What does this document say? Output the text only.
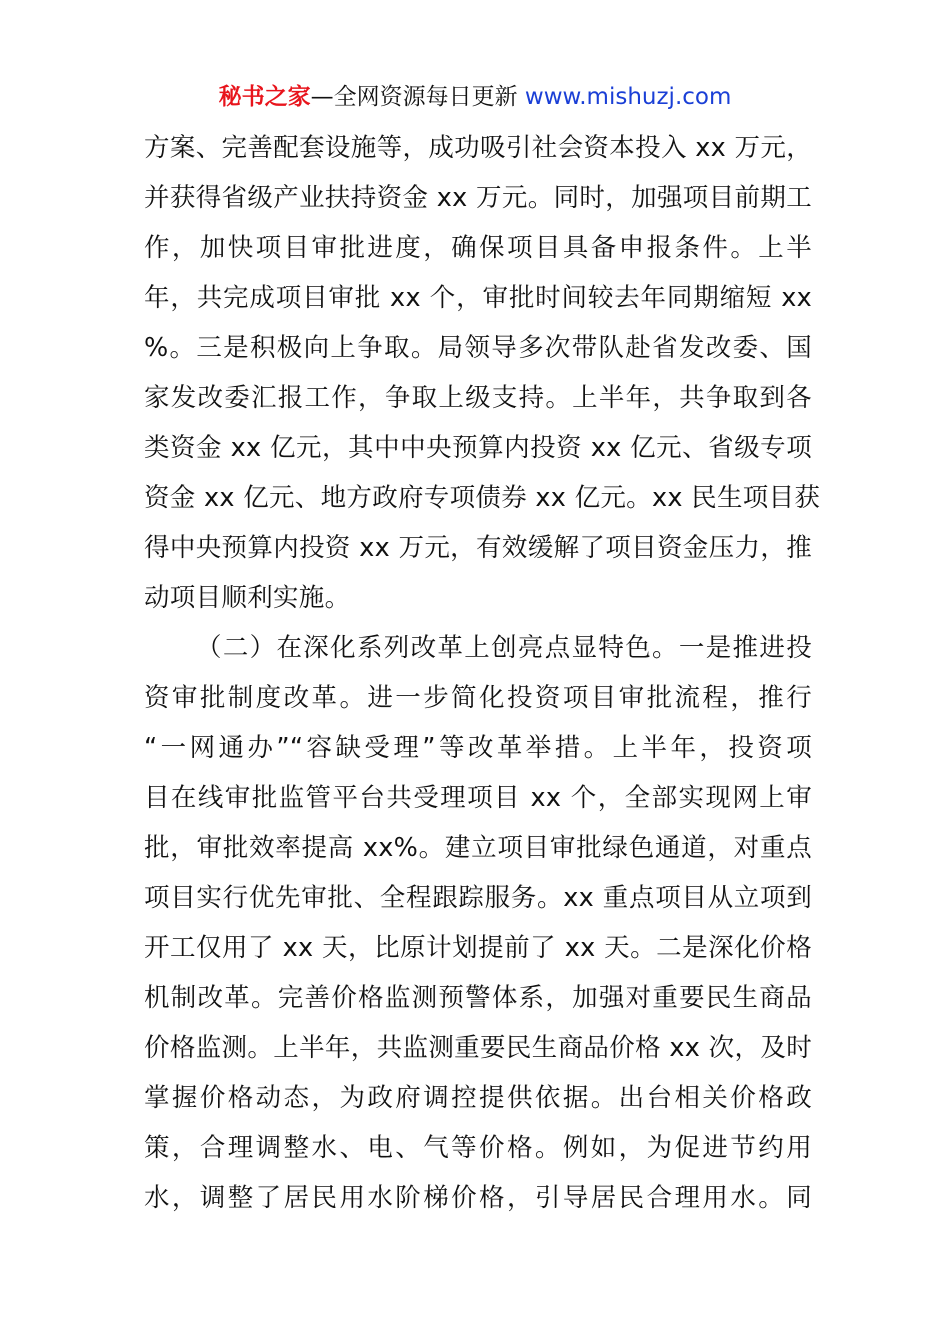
秘书之家—全网资源每日更新 www.mishuzj.com
方案、完善配套设施等，成功吸引社会资本投入 xx 万元，
并获得省级产业扶持资金 xx 万元。同时，加强项目前期工
作，加快项目审批进度，确保项目具备申报条件。上半
年，共完成项目审批 xx 个，审批时间较去年同期缩短 xx
%。三是积极向上争取。局领导多次带队赴省发改委、国
家发改委汇报工作，争取上级支持。上半年，共争取到各
类资金 xx 亿元，其中中央预算内投资 xx 亿元、省级专项
资金 xx 亿元、地方政府专项债券 xx 亿元。xx 民生项目获
得中央预算内投资 xx 万元，有效缓解了项目资金压力，推
动项目顺利实施。
（二）在深化系列改革上创亮点显特色。一是推进投
资审批制度改革。进一步简化投资项目审批流程，推行
“一网通办”“容缺受理”等改革举措。上半年，投资项
目在线审批监管平台共受理项目 xx 个，全部实现网上审
批，审批效率提高 xx%。建立项目审批绿色通道，对重点
项目实行优先审批、全程跟踪服务。xx 重点项目从立项到
开工仅用了 xx 天，比原计划提前了 xx 天。二是深化价格
机制改革。完善价格监测预警体系，加强对重要民生商品
价格监测。上半年，共监测重要民生商品价格 xx 次，及时
掌握价格动态，为政府调控提供依据。出台相关价格政
策，合理调整水、电、气等价格。例如，为促进节约用
水，调整了居民用水阶梯价格，引导居民合理用水。同
